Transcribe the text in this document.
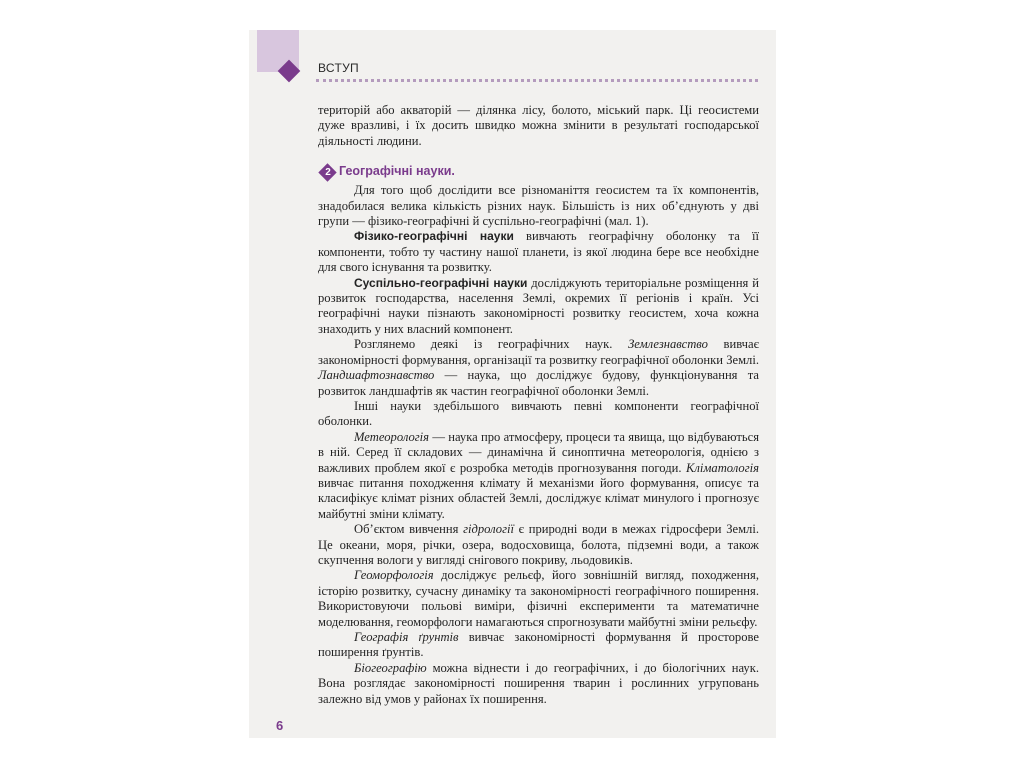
ВСТУП

територій або акваторій — ділянка лісу, болото, міський парк. Ці геосистеми дуже вразливі, і їх досить швидко можна змінити в результаті господарської діяльності людини.

2 Географічні науки.

Для того щоб дослідити все різноманіття геосистем та їх компонентів, знадобилася велика кількість різних наук. Більшість із них об’єднують у дві групи — фізико-географічні й суспільно-географічні (мал. 1).

Фізико-географічні науки вивчають географічну оболонку та її компоненти, тобто ту частину нашої планети, із якої людина бере все необхідне для свого існування та розвитку.

Суспільно-географічні науки досліджують територіальне розміщення й розвиток господарства, населення Землі, окремих її регіонів і країн. Усі географічні науки пізнають закономірності розвитку геосистем, хоча кожна знаходить у них власний компонент.

Розглянемо деякі із географічних наук. Землезнавство вивчає закономірності формування, організації та розвитку географічної оболонки Землі. Ландшафтознавство — наука, що досліджує будову, функціонування та розвиток ландшафтів як частин географічної оболонки Землі.

Інші науки здебільшого вивчають певні компоненти географічної оболонки.

Метеорологія — наука про атмосферу, процеси та явища, що відбуваються в ній. Серед її складових — динамічна й синоптична метеорологія, однією з важливих проблем якої є розробка методів прогнозування погоди. Кліматологія вивчає питання походження клімату й механізми його формування, описує та класифікує клімат різних областей Землі, досліджує клімат минулого і прогнозує майбутні зміни клімату.

Об’єктом вивчення гідрології є природні води в межах гідросфери Землі. Це океани, моря, річки, озера, водосховища, болота, підземні води, а також скупчення вологи у вигляді снігового покриву, льодовиків.

Геоморфологія досліджує рельєф, його зовнішній вигляд, походження, історію розвитку, сучасну динаміку та закономірності географічного поширення. Використовуючи польові виміри, фізичні експерименти та математичне моделювання, геоморфологи намагаються спрогнозувати майбутні зміни рельєфу.

Географія ґрунтів вивчає закономірності формування й просторове поширення ґрунтів.

Біогеографію можна віднести і до географічних, і до біологічних наук. Вона розглядає закономірності поширення тварин і рослинних угруповань залежно від умов у районах їх поширення.

6
